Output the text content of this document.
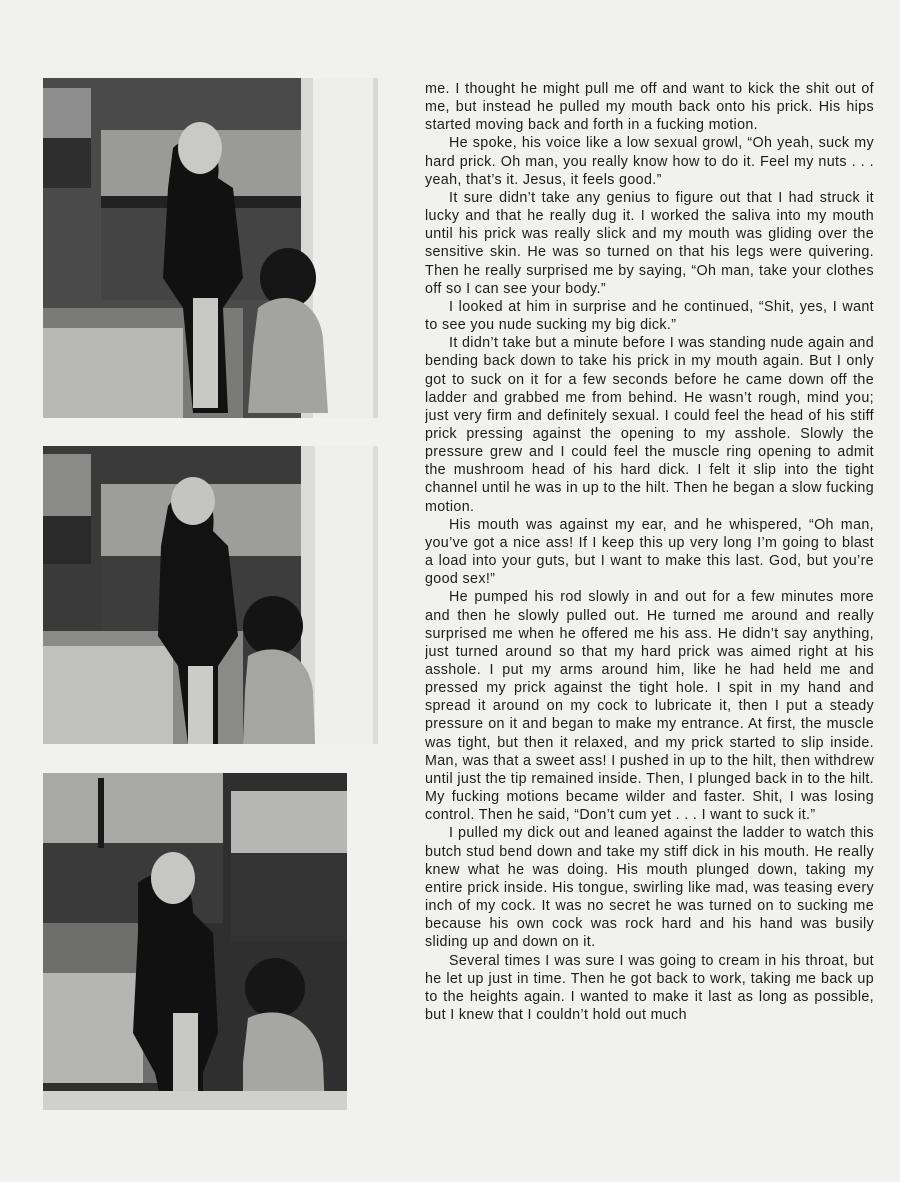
me. I thought he might pull me off and want to kick the shit out of me, but instead he pulled my mouth back onto his prick. His hips started moving back and forth in a fucking motion.

He spoke, his voice like a low sexual growl, “Oh yeah, suck my hard prick. Oh man, you really know how to do it. Feel my nuts . . . yeah, that’s it. Jesus, it feels good.”

It sure didn’t take any genius to figure out that I had struck it lucky and that he really dug it. I worked the saliva into my mouth until his prick was really slick and my mouth was gliding over the sensitive skin. He was so turned on that his legs were quivering. Then he really surprised me by saying, “Oh man, take your clothes off so I can see your body.”

I looked at him in surprise and he continued, “Shit, yes, I want to see you nude sucking my big dick.”

It didn’t take but a minute before I was standing nude again and bending back down to take his prick in my mouth again. But I only got to suck on it for a few seconds before he came down off the ladder and grabbed me from behind. He wasn’t rough, mind you; just very firm and definitely sexual. I could feel the head of his stiff prick pressing against the opening to my asshole. Slowly the pressure grew and I could feel the muscle ring opening to admit the mushroom head of his hard dick. I felt it slip into the tight channel until he was in up to the hilt. Then he began a slow fucking motion.

His mouth was against my ear, and he whispered, “Oh man, you’ve got a nice ass! If I keep this up very long I’m going to blast a load into your guts, but I want to make this last. God, but you’re good sex!”

He pumped his rod slowly in and out for a few minutes more and then he slowly pulled out. He turned me around and really surprised me when he offered me his ass. He didn’t say anything, just turned around so that my hard prick was aimed right at his asshole. I put my arms around him, like he had held me and pressed my prick against the tight hole. I spit in my hand and spread it around on my cock to lubricate it, then I put a steady pressure on it and began to make my entrance. At first, the muscle was tight, but then it relaxed, and my prick started to slip inside. Man, was that a sweet ass! I pushed in up to the hilt, then withdrew until just the tip remained inside. Then, I plunged back in to the hilt. My fucking motions became wilder and faster. Shit, I was losing control. Then he said, “Don’t cum yet . . . I want to suck it.”

I pulled my dick out and leaned against the ladder to watch this butch stud bend down and take my stiff dick in his mouth. He really knew what he was doing. His mouth plunged down, taking my entire prick inside. His tongue, swirling like mad, was teasing every inch of my cock. It was no secret he was turned on to sucking me because his own cock was rock hard and his hand was busily sliding up and down on it.

Several times I was sure I was going to cream in his throat, but he let up just in time. Then he got back to work, taking me back up to the heights again. I wanted to make it last as long as possible, but I knew that I couldn’t hold out much
